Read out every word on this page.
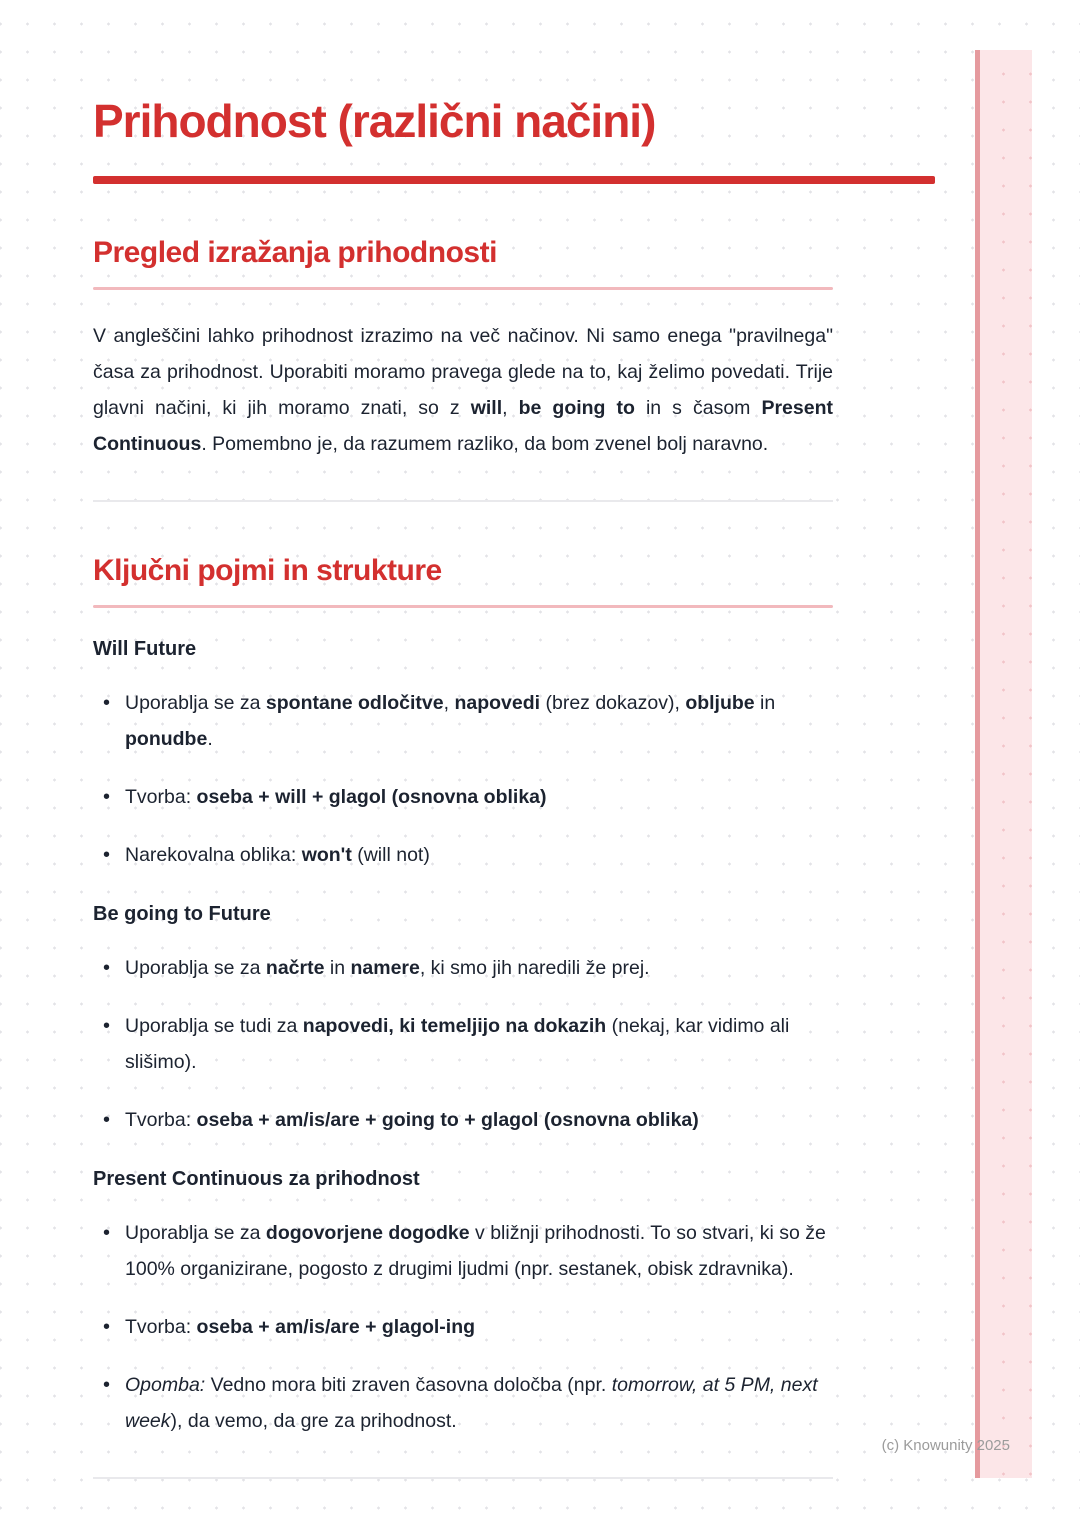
Prihodnost (različni načini)
Pregled izražanja prihodnosti

V angleščini lahko prihodnost izrazimo na več načinov. Ni samo enega "pravilnega" časa za prihodnost. Uporabiti moramo pravega glede na to, kaj želimo povedati. Trije glavni načini, ki jih moramo znati, so z will, be going to in s časom Present Continuous. Pomembno je, da razumem razliko, da bom zvenel bolj naravno.

Ključni pojmi in strukture
Will Future
• Uporablja se za spontane odločitve, napovedi (brez dokazov), obljube in ponudbe.
• Tvorba: oseba + will + glagol (osnovna oblika)
• Narekovalna oblika: won't (will not)
Be going to Future
• Uporablja se za načrte in namere, ki smo jih naredili že prej.
• Uporablja se tudi za napovedi, ki temeljijo na dokazih (nekaj, kar vidimo ali slišimo).
• Tvorba: oseba + am/is/are + going to + glagol (osnovna oblika)
Present Continuous za prihodnost
• Uporablja se za dogovorjene dogodke v bližnji prihodnosti. To so stvari, ki so že 100% organizirane, pogosto z drugimi ljudmi (npr. sestanek, obisk zdravnika).
• Tvorba: oseba + am/is/are + glagol-ing
• Opomba: Vedno mora biti zraven časovna določba (npr. tomorrow, at 5 PM, next week), da vemo, da gre za prihodnost.
(c) Knowunity 2025
